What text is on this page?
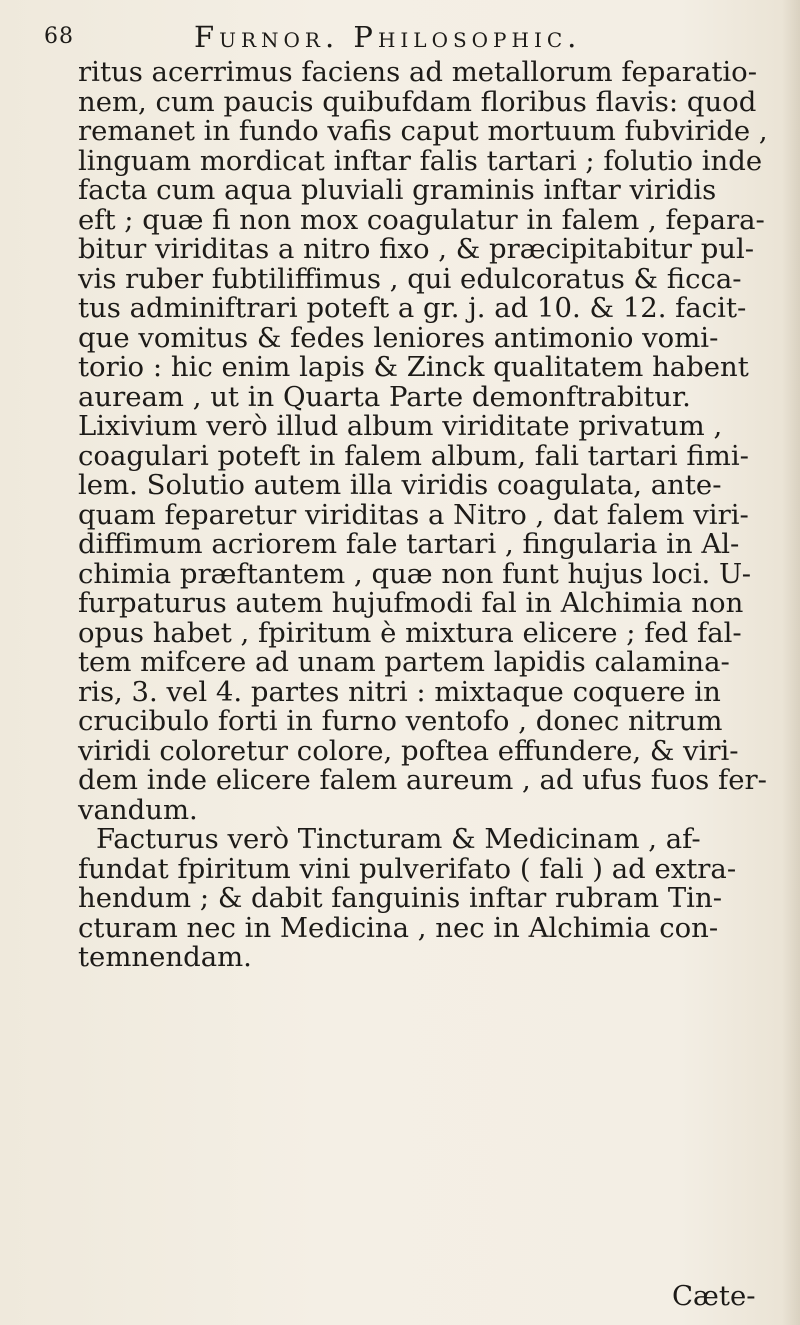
68	Furnor. Philosophic.
ritus acerrimus faciens ad metallorum feparatio-
nem, cum paucis quibufdam floribus flavis: quod
remanet in fundo vafis caput mortuum fubviride ,
linguam mordicat inftar falis tartari ; folutio inde
facta cum aqua pluviali graminis inftar viridis
eft ; quæ fi non mox coagulatur in falem , fepara-
bitur viriditas a nitro fixo , & præcipitabitur pul-
vis ruber fubtiliffimus , qui edulcoratus & ficca-
tus adminiftrari poteft a gr. j. ad 10. & 12. facit-
que vomitus & fedes leniores antimonio vomi-
torio : hic enim lapis & Zinck qualitatem habent
auream , ut in Quarta Parte demonftrabitur.
Lixivium verò illud album viriditate privatum ,
coagulari poteft in falem album, fali tartari fimi-
lem. Solutio autem illa viridis coagulata, ante-
quam feparetur viriditas a Nitro , dat falem viri-
diffimum acriorem fale tartari , fingularia in Al-
chimia præftantem , quæ non funt hujus loci. U-
furpaturus autem hujufmodi fal in Alchimia non
opus habet , fpiritum è mixtura elicere ; fed fal-
tem mifcere ad unam partem lapidis calamina-
ris, 3. vel 4. partes nitri : mixtaque coquere in
crucibulo forti in furno ventofo , donec nitrum
viridi coloretur colore, poftea effundere, & viri-
dem inde elicere falem aureum , ad ufus fuos fer-
vandum.
Facturus verò Tincturam & Medicinam , af-
fundat fpiritum vini pulverifato ( fali ) ad extra-
hendum ; & dabit fanguinis inftar rubram Tin-
cturam nec in Medicina , nec in Alchimia con-
temnendam.
Cæte-
